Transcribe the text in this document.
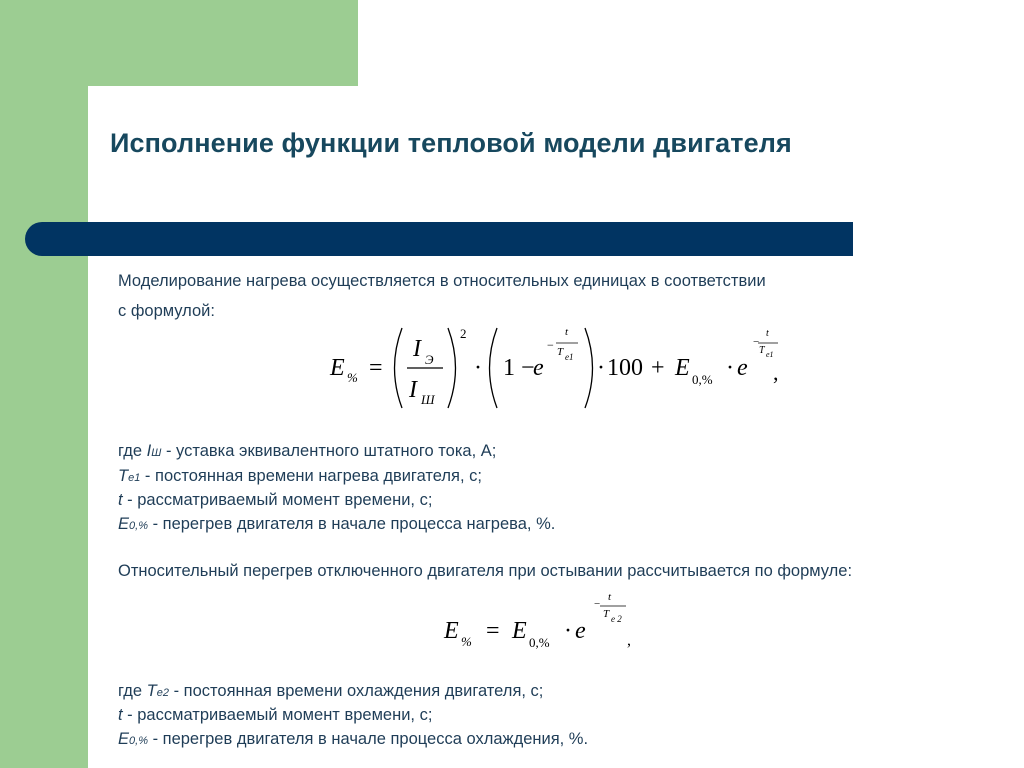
Исполнение функции тепловой модели двигателя

Моделирование нагрева осуществляется в относительных единицах в соответствии

с формулой:

E % =
I Э
I Ш
2
· 1 −
e
−
t
T e1 · 100 + E 0,% · e
−
t
T e1
,

где IШ - уставка эквивалентного штатного тока, А;

Te1 - постоянная времени нагрева двигателя, с;

t - рассматриваемый момент времени, с;

E0,% - перегрев двигателя в начале процесса нагрева, %.

Относительный перегрев отключенного двигателя при остывании рассчитывается по формуле:

E % = E 0,% · e
−
t
T e 2
,

где Te2 - постоянная времени охлаждения двигателя, с;

t - рассматриваемый момент времени, с;

E0,% - перегрев двигателя в начале процесса охлаждения, %.
